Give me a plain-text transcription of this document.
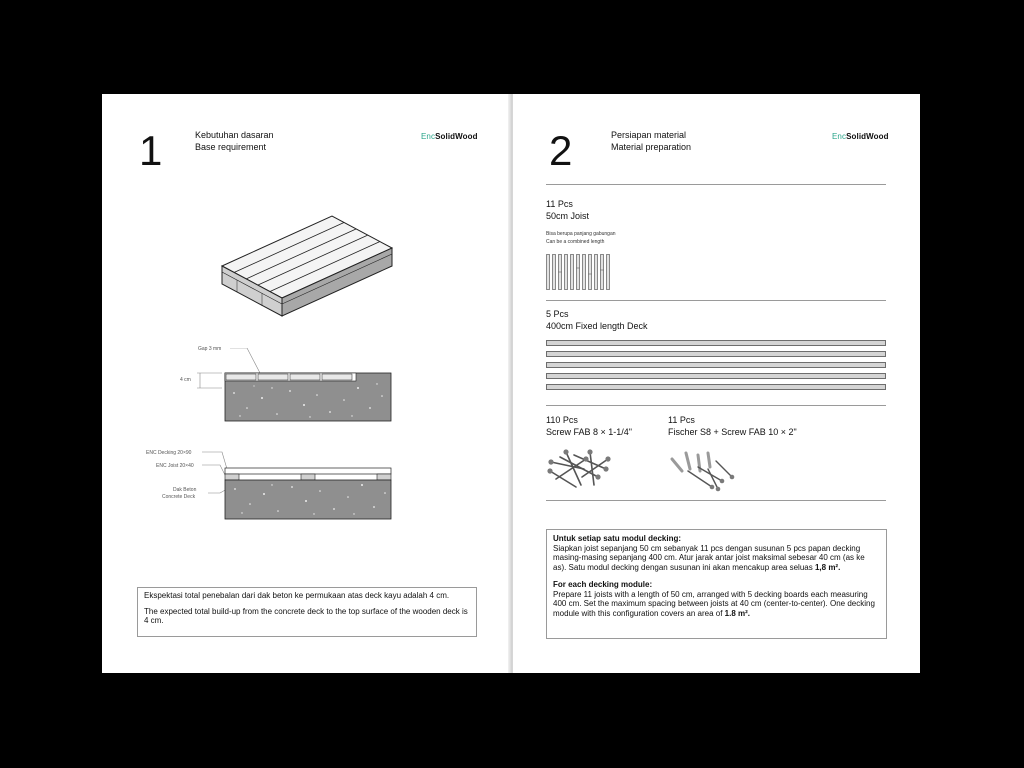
1	Kebutuhan dasaran
Base requirement
EncSolidWood
Gap 3 mm
4 cm
ENC Decking 20×90
ENC Joist 20×40
Dak Beton
Concrete Deck
Ekspektasi total penebalan dari dak beton ke permukaan atas deck kayu adalah 4 cm.
The expected total build-up from the concrete deck to the top surface of the wooden deck is 4 cm.
2	Persiapan material
Material preparation
EncSolidWood
11 Pcs
50cm Joist
Bisa berupa panjang gabungan
Can be a combined length
5 Pcs
400cm Fixed length Deck
110 Pcs
Screw FAB 8 × 1-1/4"
11 Pcs
Fischer S8 + Screw FAB 10 × 2"
Untuk setiap satu modul decking:
Siapkan joist sepanjang 50 cm sebanyak 11 pcs dengan susunan 5 pcs papan decking masing-masing sepanjang 400 cm. Atur jarak antar joist maksimal sebesar 40 cm (as ke as). Satu modul decking dengan susunan ini akan mencakup area seluas 1,8 m².
For each decking module:
Prepare 11 joists with a length of 50 cm, arranged with 5 decking boards each measuring 400 cm. Set the maximum spacing between joists at 40 cm (center-to-center). One decking module with this configuration covers an area of 1.8 m².
